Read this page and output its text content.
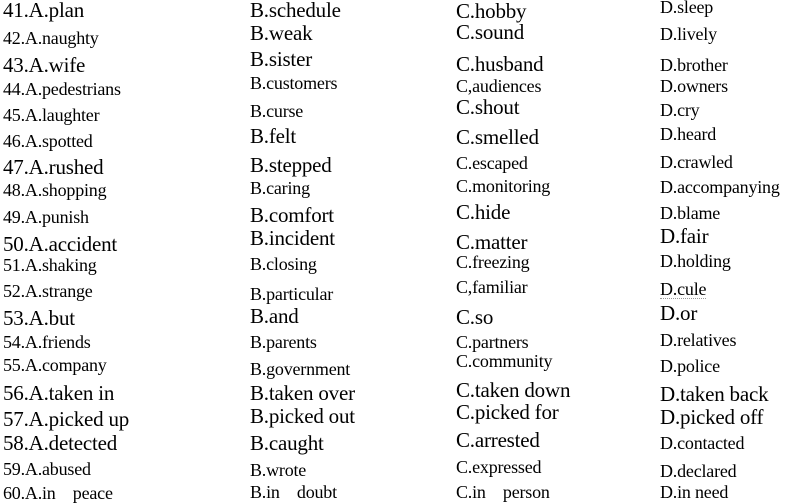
41.A.plan	B.schedule	C.hobby	D.sleep
42.A.naughty	B.weak	C.sound	D.lively
43.A.wife	B.sister	C.husband	D.brother
44.A.pedestrians	B.customers	C,audiences	D.owners
45.A.laughter	B.curse	C.shout	D.cry
46.A.spotted	B.felt	C.smelled	D.heard
47.A.rushed	B.stepped	C.escaped	D.crawled
48.A.shopping	B.caring	C.monitoring	D.accompanying
49.A.punish	B.comfort	C.hide	D.blame
50.A.accident	B.incident	C.matter	D.fair
51.A.shaking	B.closing	C.freezing	D.holding
52.A.strange	B.particular	C,familiar	D.cule
53.A.but	B.and	C.so	D.or
54.A.friends	B.parents	C.partners	D.relatives
55.A.company	B.government	C.community	D.police
56.A.taken in	B.taken over	C.taken down	D.taken back
57.A.picked up	B.picked out	C.picked for	D.picked off
58.A.detected	B.caught	C.arrested	D.contacted
59.A.abused	B.wrote	C.expressed	D.declared
60.A.in    peace	B.in    doubt	C.in    person	D.in need
